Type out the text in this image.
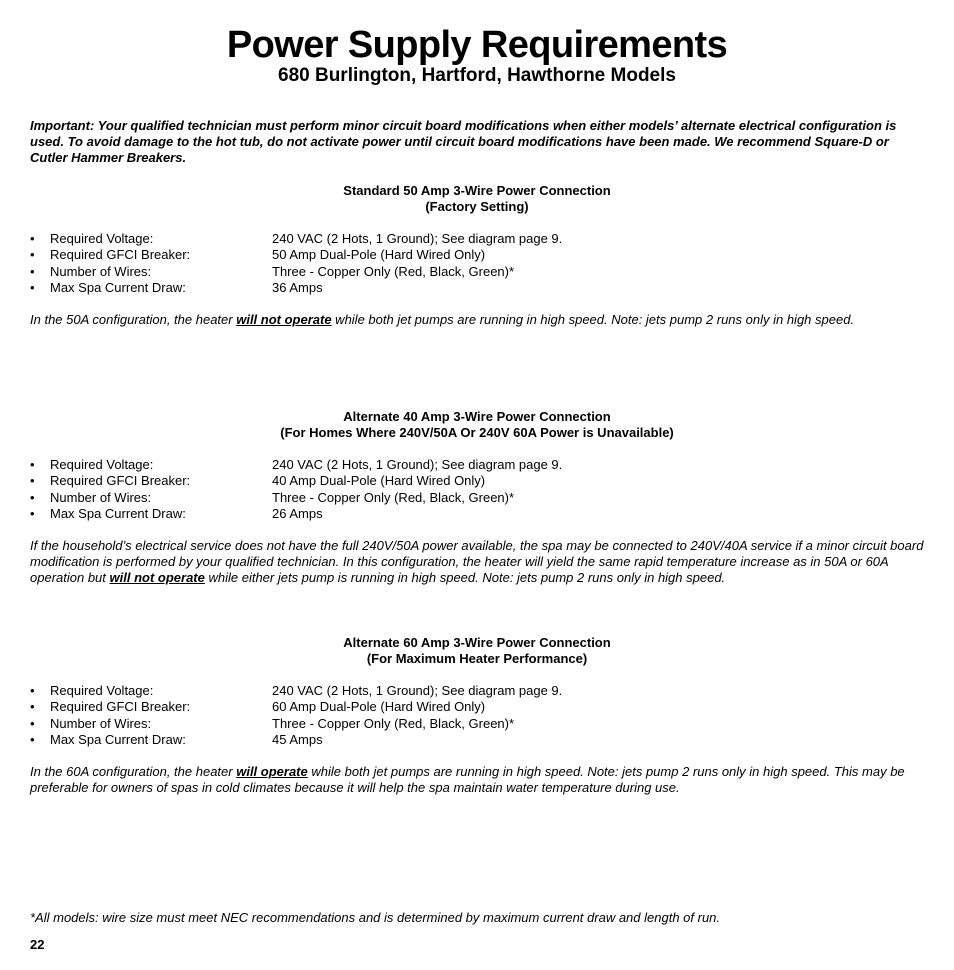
Power Supply Requirements
680 Burlington, Hartford, Hawthorne Models

Important: Your qualified technician must perform minor circuit board modifications when either models’ alternate electrical configuration is used. To avoid damage to the hot tub, do not activate power until circuit board modifications have been made. We recommend Square-D or Cutler Hammer Breakers.

Standard 50 Amp 3-Wire Power Connection
(Factory Setting)
• Required Voltage:	240 VAC (2 Hots, 1 Ground); See diagram page 9.
• Required GFCI Breaker:	50 Amp Dual-Pole (Hard Wired Only)
• Number of Wires:	Three - Copper Only (Red, Black, Green)*
• Max Spa Current Draw:	36 Amps

In the 50A configuration, the heater will not operate while both jet pumps are running in high speed. Note: jets pump 2 runs only in high speed.

Alternate 40 Amp 3-Wire Power Connection
(For Homes Where 240V/50A Or 240V 60A Power is Unavailable)
• Required Voltage:	240 VAC (2 Hots, 1 Ground); See diagram page 9.
• Required GFCI Breaker:	40 Amp Dual-Pole (Hard Wired Only)
• Number of Wires:	Three - Copper Only (Red, Black, Green)*
• Max Spa Current Draw:	26 Amps

If the household’s electrical service does not have the full 240V/50A power available, the spa may be connected to 240V/40A service if a minor circuit board modification is performed by your qualified technician. In this configuration, the heater will yield the same rapid temperature increase as in 50A or 60A operation but will not operate while either jets pump is running in high speed. Note: jets pump 2 runs only in high speed.

Alternate 60 Amp 3-Wire Power Connection
(For Maximum Heater Performance)
• Required Voltage:	240 VAC (2 Hots, 1 Ground); See diagram page 9.
• Required GFCI Breaker:	60 Amp Dual-Pole (Hard Wired Only)
• Number of Wires:	Three - Copper Only (Red, Black, Green)*
• Max Spa Current Draw:	45 Amps

In the 60A configuration, the heater will operate while both jet pumps are running in high speed. Note: jets pump 2 runs only in high speed. This may be preferable for owners of spas in cold climates because it will help the spa maintain water temperature during use.

*All models: wire size must meet NEC recommendations and is determined by maximum current draw and length of run.

22
